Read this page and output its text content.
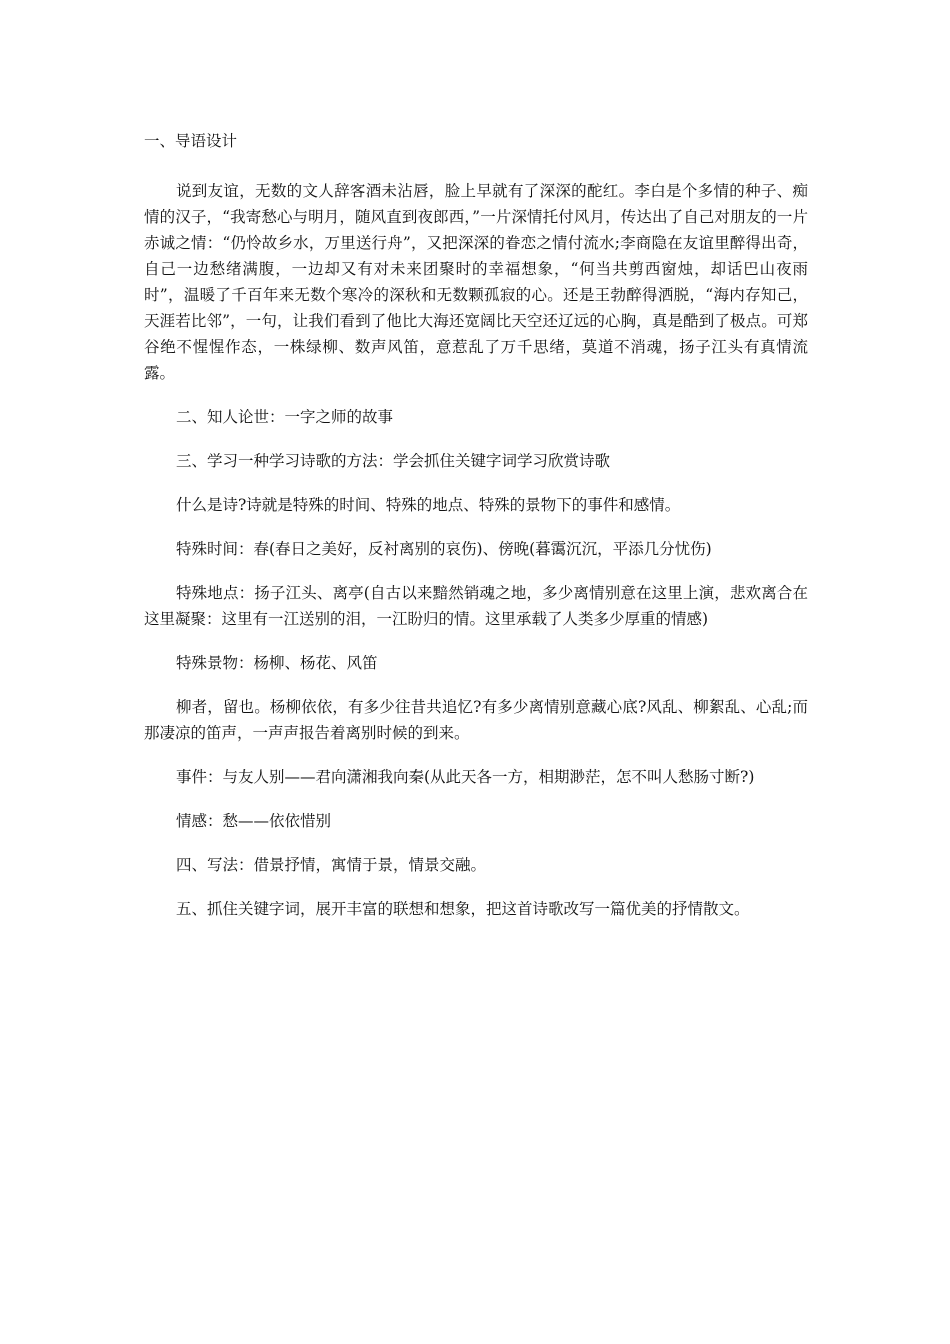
一、导语设计

说到友谊，无数的文人辞客酒未沾唇，脸上早就有了深深的酡红。李白是个多情的种子、痴情的汉子，“我寄愁心与明月，随风直到夜郎西，”一片深情托付风月，传达出了自己对朋友的一片赤诚之情：“仍怜故乡水，万里送行舟”，又把深深的眷恋之情付流水;李商隐在友谊里醉得出奇，自己一边愁绪满腹，一边却又有对未来团聚时的幸福想象，“何当共剪西窗烛，却话巴山夜雨时”，温暖了千百年来无数个寒冷的深秋和无数颗孤寂的心。还是王勃醉得洒脱，“海内存知己，天涯若比邻”，一句，让我们看到了他比大海还宽阔比天空还辽远的心胸，真是酷到了极点。可郑谷绝不惺惺作态，一株绿柳、数声风笛，意惹乱了万千思绪，莫道不消魂，扬子江头有真情流露。

二、知人论世：一字之师的故事

三、学习一种学习诗歌的方法：学会抓住关键字词学习欣赏诗歌

什么是诗?诗就是特殊的时间、特殊的地点、特殊的景物下的事件和感情。

特殊时间：春(春日之美好，反衬离别的哀伤)、傍晚(暮霭沉沉，平添几分忧伤)

特殊地点：扬子江头、离亭(自古以来黯然销魂之地，多少离情别意在这里上演，悲欢离合在这里凝聚：这里有一江送别的泪，一江盼归的情。这里承载了人类多少厚重的情感)

特殊景物：杨柳、杨花、风笛

柳者，留也。杨柳依依，有多少往昔共追忆?有多少离情别意藏心底?风乱、柳絮乱、心乱;而那凄凉的笛声，一声声报告着离别时候的到来。

事件：与友人别——君向潇湘我向秦(从此天各一方，相期渺茫，怎不叫人愁肠寸断?)

情感：愁——依依惜别

四、写法：借景抒情，寓情于景，情景交融。

五、抓住关键字词，展开丰富的联想和想象，把这首诗歌改写一篇优美的抒情散文。
